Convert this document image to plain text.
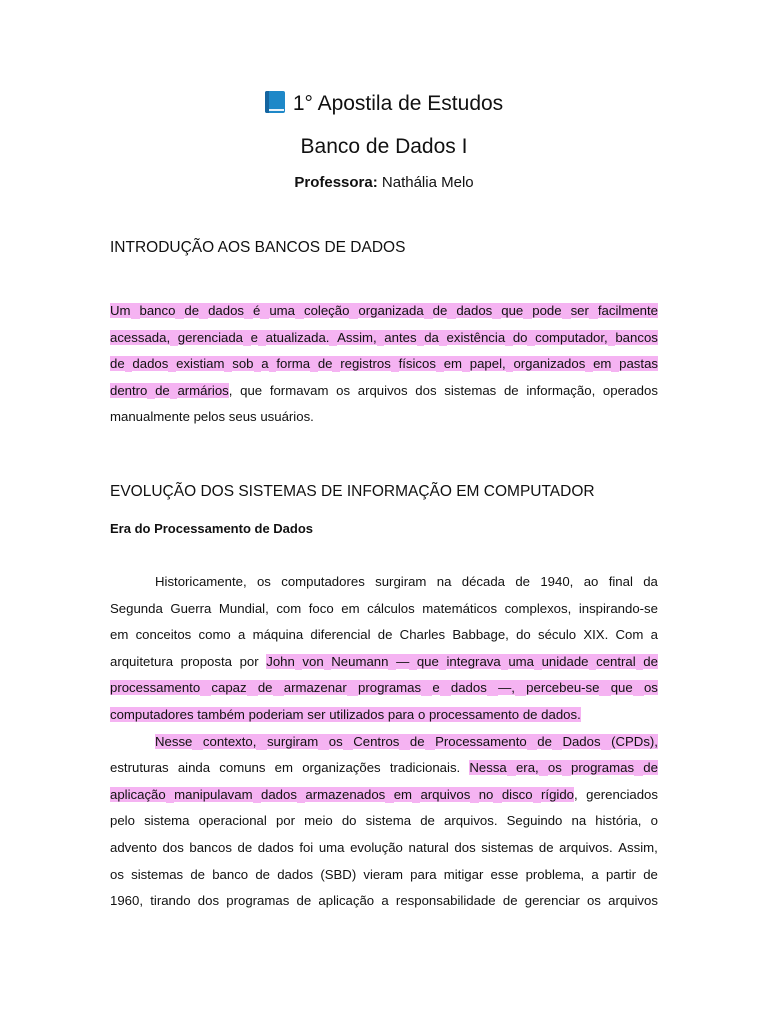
1° Apostila de Estudos
Banco de Dados I
Professora: Nathália Melo
INTRODUÇÃO AOS BANCOS DE DADOS
Um banco de dados é uma coleção organizada de dados que pode ser facilmente
acessada, gerenciada e atualizada. Assim, antes da existência do computador, bancos
de dados existiam sob a forma de registros físicos em papel, organizados em pastas
dentro de armários, que formavam os arquivos dos sistemas de informação, operados
manualmente pelos seus usuários.
EVOLUÇÃO DOS SISTEMAS DE INFORMAÇÃO EM COMPUTADOR
Era do Processamento de Dados
Historicamente, os computadores surgiram na década de 1940, ao final da
Segunda Guerra Mundial, com foco em cálculos matemáticos complexos, inspirando-se
em conceitos como a máquina diferencial de Charles Babbage, do século XIX. Com a
arquitetura proposta por John von Neumann — que integrava uma unidade central de
processamento capaz de armazenar programas e dados —, percebeu-se que os
computadores também poderiam ser utilizados para o processamento de dados.
Nesse contexto, surgiram os Centros de Processamento de Dados (CPDs),
estruturas ainda comuns em organizações tradicionais. Nessa era, os programas de
aplicação manipulavam dados armazenados em arquivos no disco rígido, gerenciados
pelo sistema operacional por meio do sistema de arquivos. Seguindo na história, o
advento dos bancos de dados foi uma evolução natural dos sistemas de arquivos. Assim,
os sistemas de banco de dados (SBD) vieram para mitigar esse problema, a partir de
1960, tirando dos programas de aplicação a responsabilidade de gerenciar os arquivos
